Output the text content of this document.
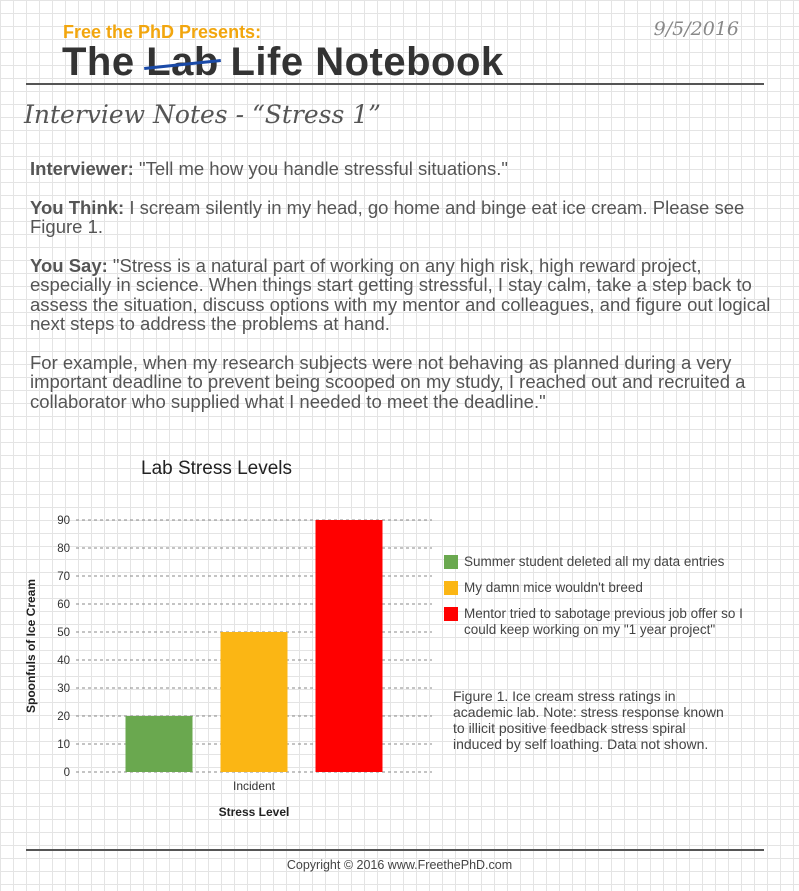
Free the PhD Presents:	9/5/2016
The Lab Life Notebook
Interview Notes - “Stress 1”

Interviewer: "Tell me how you handle stressful situations."

You Think: I scream silently in my head, go home and binge eat ice cream. Please see Figure 1.

You Say: "Stress is a natural part of working on any high risk, high reward project, especially in science. When things start getting stressful, I stay calm, take a step back to assess the situation, discuss options with my mentor and colleagues, and figure out logical next steps to address the problems at hand.

For example, when my research subjects were not behaving as planned during a very important deadline to prevent being scooped on my study, I reached out and recruited a collaborator who supplied what I needed to meet the deadline."

Lab Stress Levels
0
10
20
30
40
50
60
70
80
90
Incident
Stress Level
Spoonfuls of Ice Cream
Summer student deleted all my data entries
My damn mice wouldn't breed
Mentor tried to sabotage previous job offer so I could keep working on my "1 year project"
Figure 1. Ice cream stress ratings in academic lab. Note: stress response known to illicit positive feedback stress spiral induced by self loathing. Data not shown.
Copyright © 2016 www.FreethePhD.com
